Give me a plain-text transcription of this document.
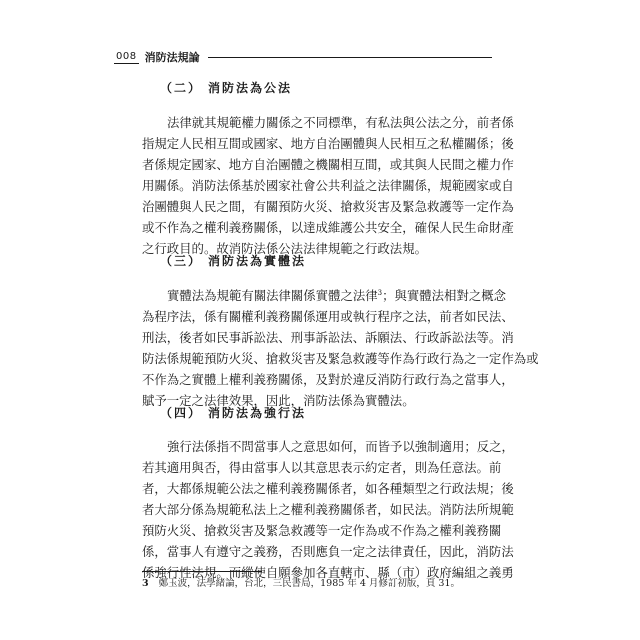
008 消防法規論
（二） 消防法為公法
法律就其規範權力關係之不同標準，有私法與公法之分，前者係
指規定人民相互間或國家、地方自治團體與人民相互之私權關係；後
者係規定國家、地方自治團體之機關相互間，或其與人民間之權力作
用關係。消防法係基於國家社會公共利益之法律關係，規範國家或自
治團體與人民之間，有關預防火災、搶救災害及緊急救護等一定作為
或不作為之權利義務關係，以達成維護公共安全，確保人民生命財產
之行政目的。故消防法係公法法律規範之行政法規。
（三） 消防法為實體法
實體法為規範有關法律關係實體之法律$^3$；與實體法相對之概念
為程序法，係有關權利義務關係運用或執行程序之法，前者如民法、
刑法，後者如民事訴訟法、刑事訴訟法、訴願法、行政訴訟法等。消
防法係規範預防火災、搶救災害及緊急救護等作為行政行為之一定作為或
不作為之實體上權利義務關係，及對於違反消防行政行為之當事人，
賦予一定之法律效果，因此，消防法係為實體法。
（四） 消防法為強行法
強行法係指不問當事人之意思如何，而皆予以強制適用；反之，
若其適用與否，得由當事人以其意思表示約定者，則為任意法。前
者，大都係規範公法之權利義務關係者，如各種類型之行政法規；後
者大部分係為規範私法上之權利義務關係者，如民法。消防法所規範
預防火災、搶救災害及緊急救護等一定作為或不作為之權利義務關
係，當事人有遵守之義務，否則應負一定之法律責任，因此，消防法
係強行性法規。而縱使自願參加各直轄市、縣（市）政府編組之義勇
3 鄭玉波，法學緒論，台北，三民書局，1985 年 4 月修訂初版，頁 31。
